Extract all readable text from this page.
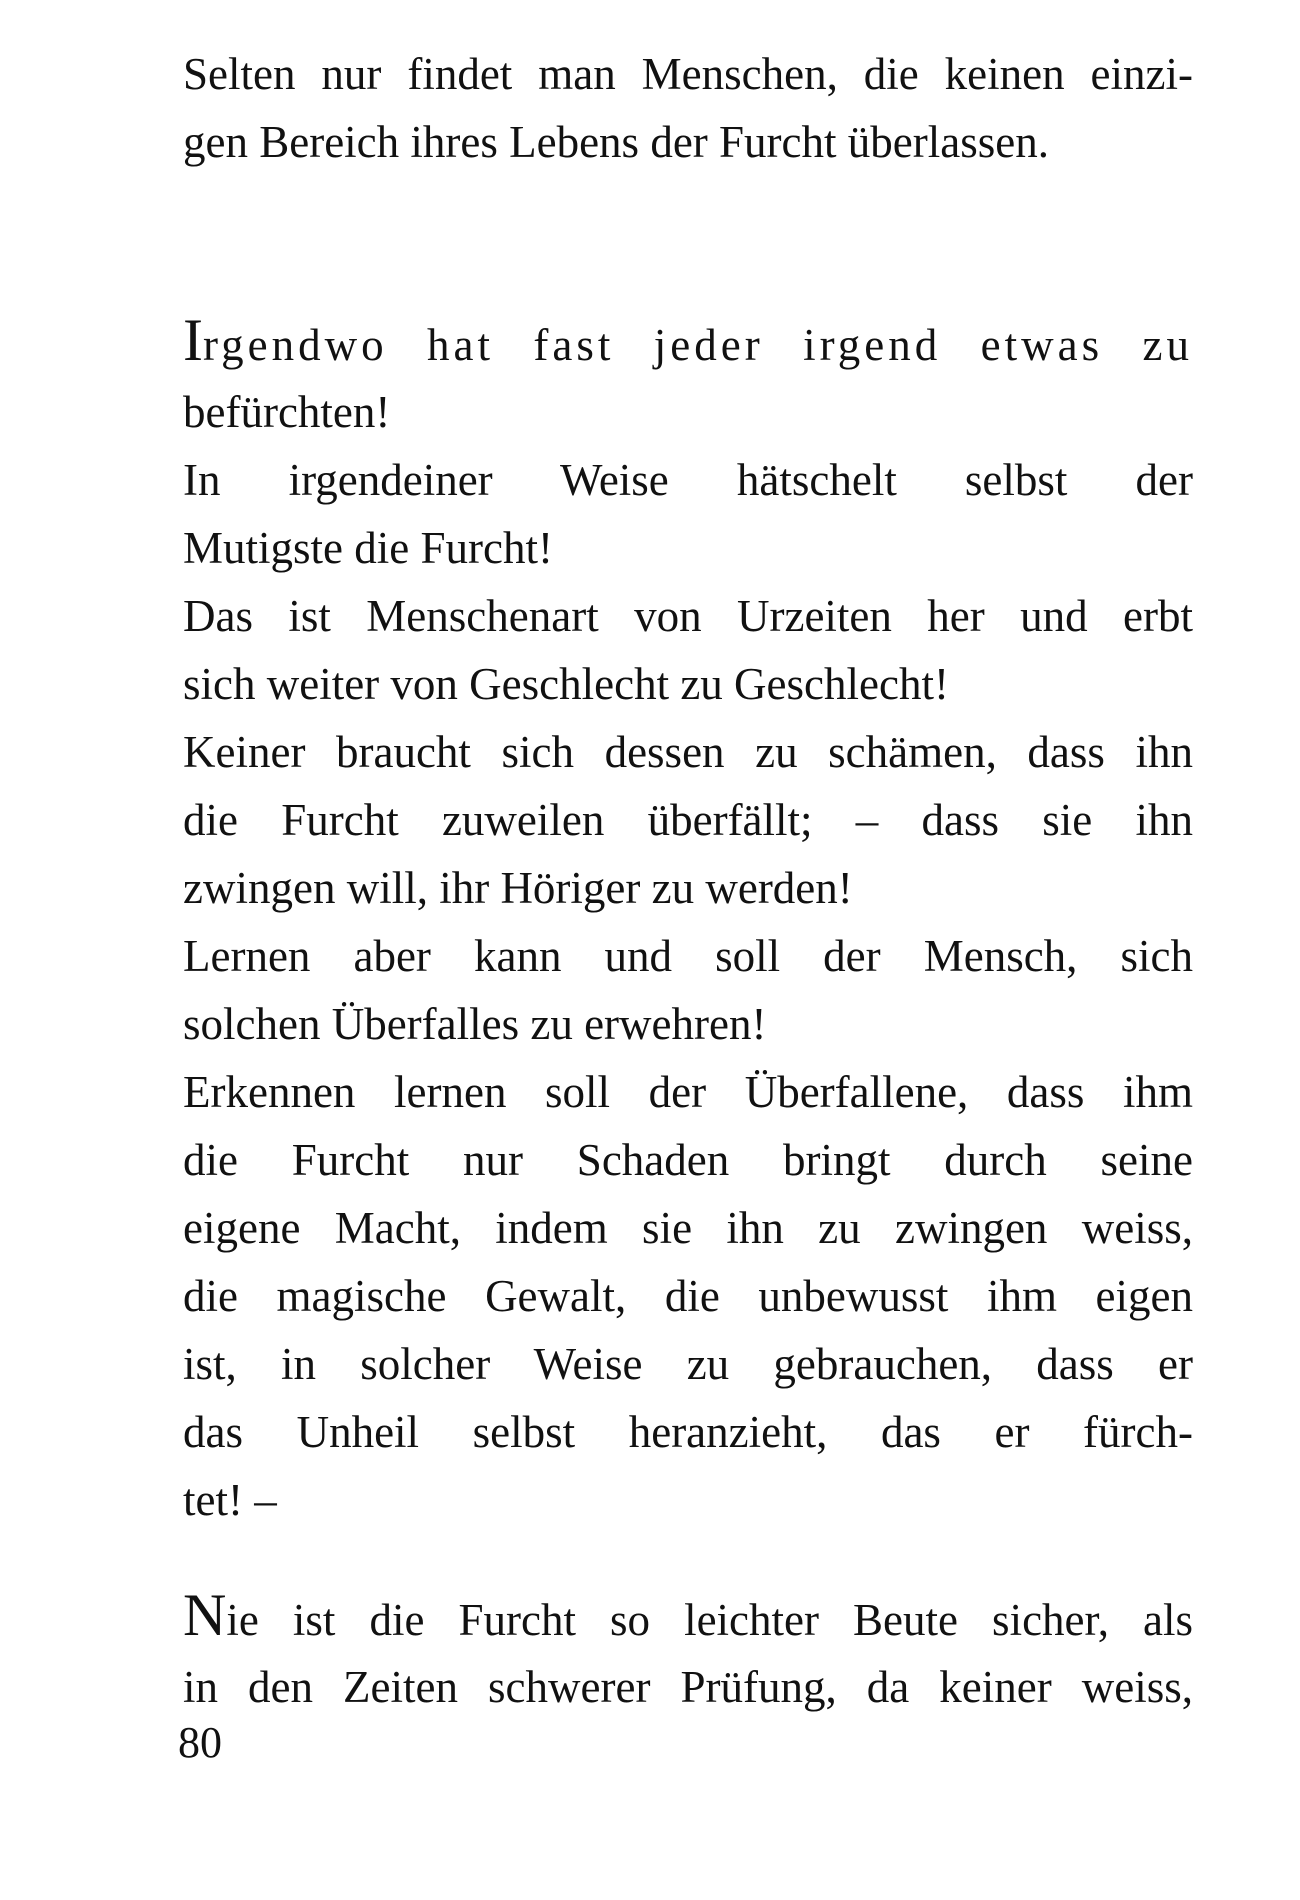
Selten nur findet man Menschen, die keinen einzi-
gen Bereich ihres Lebens der Furcht überlassen.
Irgendwo hat fast jeder irgend etwas zu
befürchten!
In irgendeiner Weise hätschelt selbst der
Mutigste die Furcht!
Das ist Menschenart von Urzeiten her und erbt
sich weiter von Geschlecht zu Geschlecht!
Keiner braucht sich dessen zu schämen, dass ihn
die Furcht zuweilen überfällt; – dass sie ihn
zwingen will, ihr Höriger zu werden!
Lernen aber kann und soll der Mensch, sich
solchen Überfalles zu erwehren!
Erkennen lernen soll der Überfallene, dass ihm
die Furcht nur Schaden bringt durch seine
eigene Macht, indem sie ihn zu zwingen weiss,
die magische Gewalt, die unbewusst ihm eigen
ist, in solcher Weise zu gebrauchen, dass er
das Unheil selbst heranzieht, das er fürch-
tet! –
Nie ist die Furcht so leichter Beute sicher, als
in den Zeiten schwerer Prüfung, da keiner weiss,
80
